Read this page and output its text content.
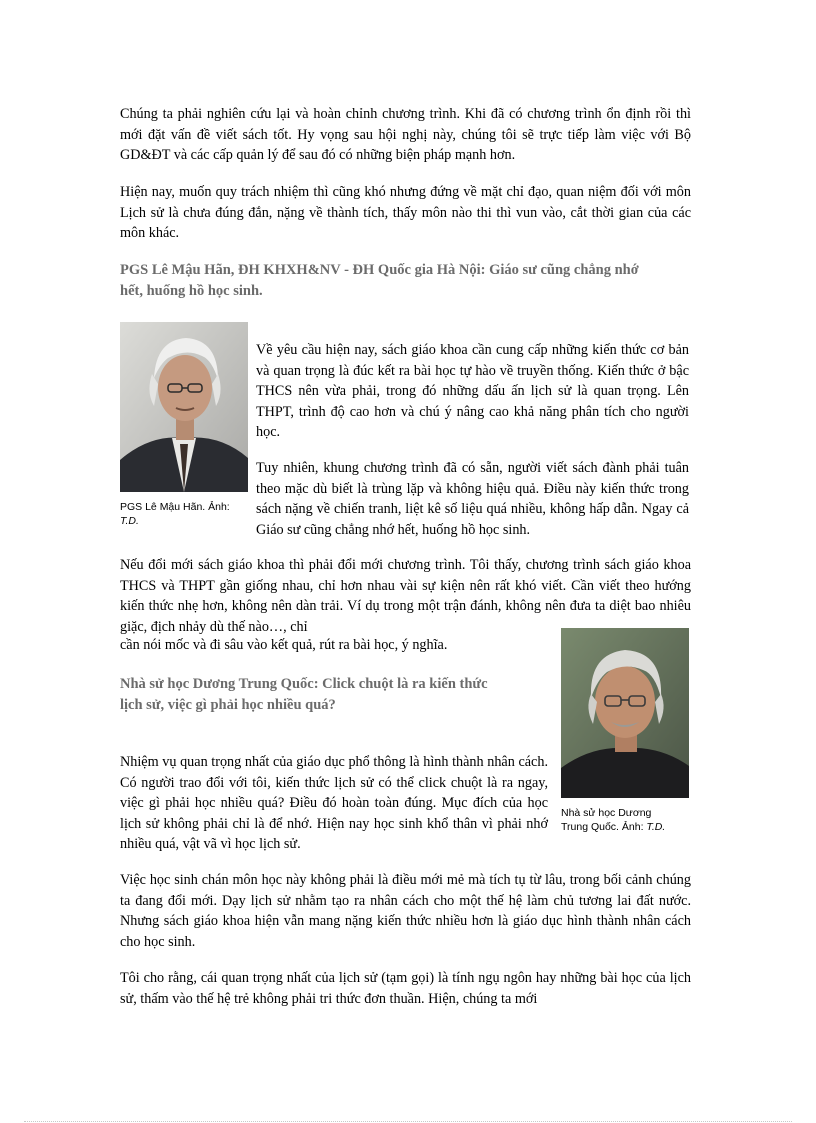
Chúng ta phải nghiên cứu lại và hoàn chỉnh chương trình. Khi đã có chương trình ổn định rồi thì mới đặt vấn đề viết sách tốt. Hy vọng sau hội nghị này, chúng tôi sẽ trực tiếp làm việc với Bộ GD&ĐT và các cấp quản lý để sau đó có những biện pháp mạnh hơn.

Hiện nay, muốn quy trách nhiệm thì cũng khó nhưng đứng về mặt chỉ đạo, quan niệm đối với môn Lịch sử là chưa đúng đắn, nặng về thành tích, thấy môn nào thi thì vun vào, cắt thời gian của các môn khác.

PGS Lê Mậu Hãn, ĐH KHXH&NV - ĐH Quốc gia Hà Nội: Giáo sư cũng chẳng nhớ
hết, huống hồ học sinh.

PGS Lê Mậu Hãn. Ảnh:
T.D.

Về yêu cầu hiện nay, sách giáo khoa cần cung cấp những kiến thức cơ bản và quan trọng là đúc kết ra bài học tự hào về truyền thống. Kiến thức ở bậc THCS nên vừa phải, trong đó những dấu ấn lịch sử là quan trọng. Lên THPT, trình độ cao hơn và chú ý nâng cao khả năng phân tích cho người học.

Tuy nhiên, khung chương trình đã có sẵn, người viết sách đành phải tuân theo mặc dù biết là trùng lặp và không hiệu quả. Điều này kiến thức trong sách nặng về chiến tranh, liệt kê số liệu quá nhiều, không hấp dẫn. Ngay cả Giáo sư cũng chẳng nhớ hết, huống hồ học sinh.

Nếu đổi mới sách giáo khoa thì phải đổi mới chương trình. Tôi thấy, chương trình sách giáo khoa THCS và THPT gần giống nhau, chỉ hơn nhau vài sự kiện nên rất khó viết. Cần viết theo hướng kiến thức nhẹ hơn, không nên dàn trải. Ví dụ trong một trận đánh, không nên đưa ta diệt bao nhiêu giặc, địch nhảy dù thế nào…, chỉ

cần nói mốc và đi sâu vào kết quả, rút ra bài học, ý nghĩa.

Nhà sử học Dương
Trung Quốc. Ảnh: T.D.

Nhà sử học Dương Trung Quốc: Click chuột là ra kiến thức
lịch sử, việc gì phải học nhiều quá?

Nhiệm vụ quan trọng nhất của giáo dục phổ thông là hình thành nhân cách. Có người trao đổi với tôi, kiến thức lịch sử có thể click chuột là ra ngay, việc gì phải học nhiều quá? Điều đó hoàn toàn đúng. Mục đích của học lịch sử không phải chỉ là để nhớ. Hiện nay học sinh khổ thân vì phải nhớ nhiều quá, vật vã vì học lịch sử.

Việc học sinh chán môn học này không phải là điều mới mẻ mà tích tụ từ lâu, trong bối cảnh chúng ta đang đổi mới. Dạy lịch sử nhằm tạo ra nhân cách cho một thế hệ làm chủ tương lai đất nước. Nhưng sách giáo khoa hiện vẫn mang nặng kiến thức nhiều hơn là giáo dục hình thành nhân cách cho học sinh.

Tôi cho rằng, cái quan trọng nhất của lịch sử (tạm gọi) là tính ngụ ngôn hay những bài học của lịch sử, thấm vào thế hệ trẻ không phải tri thức đơn thuần. Hiện, chúng ta mới
